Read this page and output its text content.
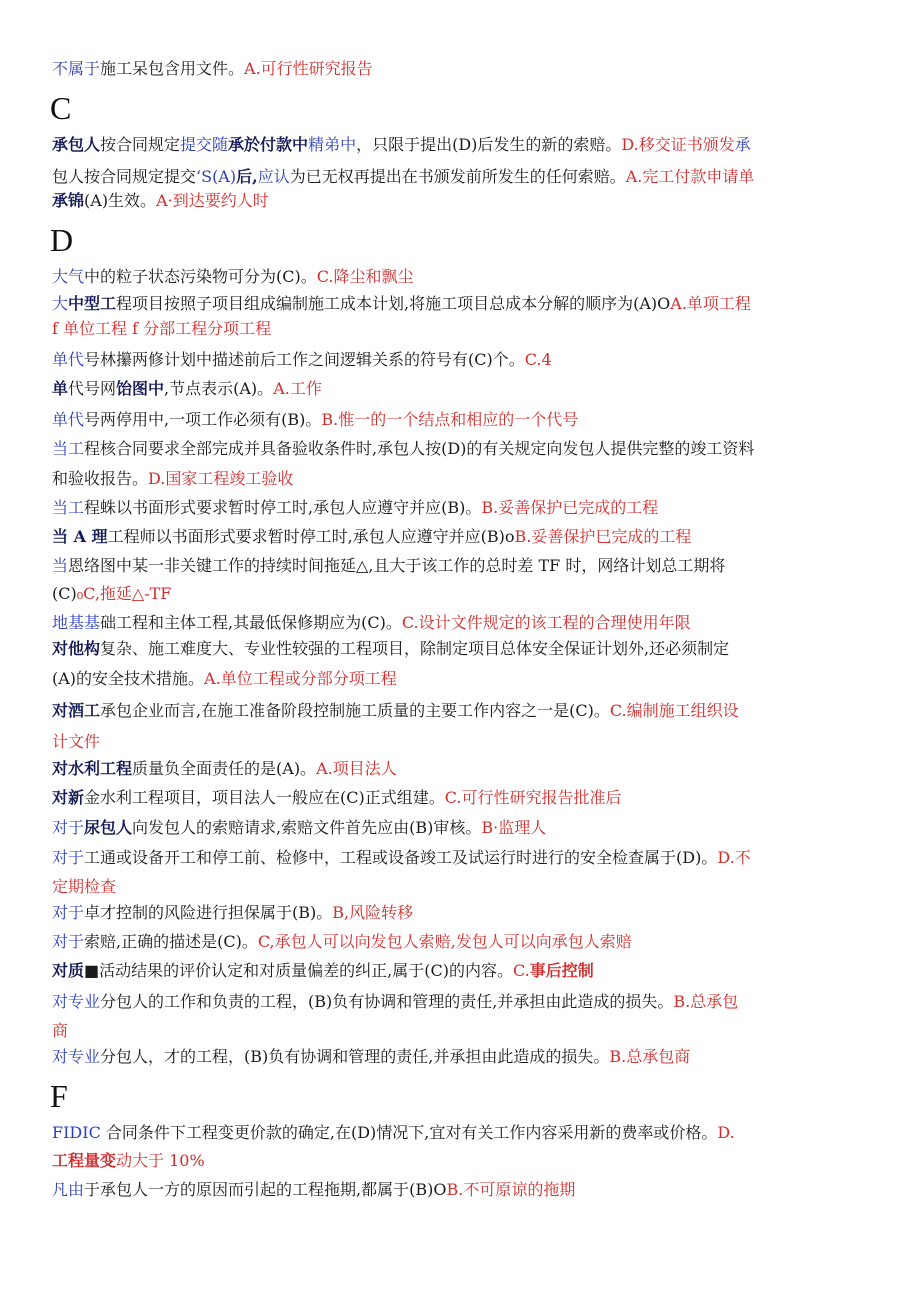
不属于施工呆包含用文件。A.可行性研究报告
C
承包人按合同规定提交随承於付款中精弟中，只限于提出(D)后发生的新的索赔。D.移交证书颁发承
包人按合同规定提交‘S(A)后,应认为已无权再提出在书颁发前所发生的任何索赔。A.完工付款申请单
承锦(A)生效。A·到达要约人时
D
大气中的粒子状态污染物可分为(C)。C.降尘和飘尘
大中型工程项目按照子项目组成编制施工成本计划,将施工项目总成本分解的顺序为(A)OA.单项工程
f 单位工程 f 分部工程分项工程
单代号林攥两修计划中描述前后工作之间逻辑关系的符号有(C)个。C.4
单代号网饴图中,节点表示(A)。A.工作
单代号两停用中,一项工作必须有(B)。B.惟一的一个结点和相应的一个代号
当工程核合同要求全部完成并具备验收条件时,承包人按(D)的有关规定向发包人提供完整的竣工资料
和验收报告。D.国家工程竣工验收
当工程蛛以书面形式要求暂时停工时,承包人应遵守并应(B)。B.妥善保护已完成的工程
当 A 理工程师以书面形式要求暂时停工时,承包人应遵守并应(B)oB.妥善保护巳完成的工程
当恩络图中某一非关键工作的持续时间拖延△,且大于该工作的总时差 TF 时，网络计划总工期将
(C)₀C,拖延△-TF
地基基础工程和主体工程,其最低保修期应为(C)。C.设计文件规定的该工程的合理使用年限
对他构复杂、施工难度大、专业性较强的工程项目，除制定项目总体安全保证计划外,还必须制定
(A)的安全技术措施。A.单位工程或分部分项工程
对酒工承包企业而言,在施工准备阶段控制施工质量的主要工作内容之一是(C)。C.编制施工组织设
计文件
对水利工程质量负全面责任的是(A)。A.项目法人
对新金水利工程项目，项目法人一般应在(C)正式组建。C.可行性研究报告批准后
对于尿包人向发包人的索赔请求,索赔文件首先应由(B)审核。B·监理人
对于工通或设备开工和停工前、检修中，工程或设备竣工及试运行时进行的安全检查属于(D)。D.不
定期检查
对于卓才控制的风险进行担保属于(B)。B,风险转移
对于索赔,正确的描述是(C)。C,承包人可以向发包人索赔,发包人可以向承包人索赔
对质■活动结果的评价认定和对质量偏差的纠正,属于(C)的内容。C.事后控制
对专业分包人的工作和负责的工程，(B)负有协调和管理的责任,并承担由此造成的损失。B.总承包
商
对专业分包人，才的工程，(B)负有协调和管理的责任,并承担由此造成的损失。B.总承包商
F
FIDIC 合同条件下工程变更价款的确定,在(D)情况下,宜对有关工作内容采用新的费率或价格。D.
工程量变动大于 10%
凡由于承包人一方的原因而引起的工程拖期,都属于(B)OB.不可原谅的拖期
